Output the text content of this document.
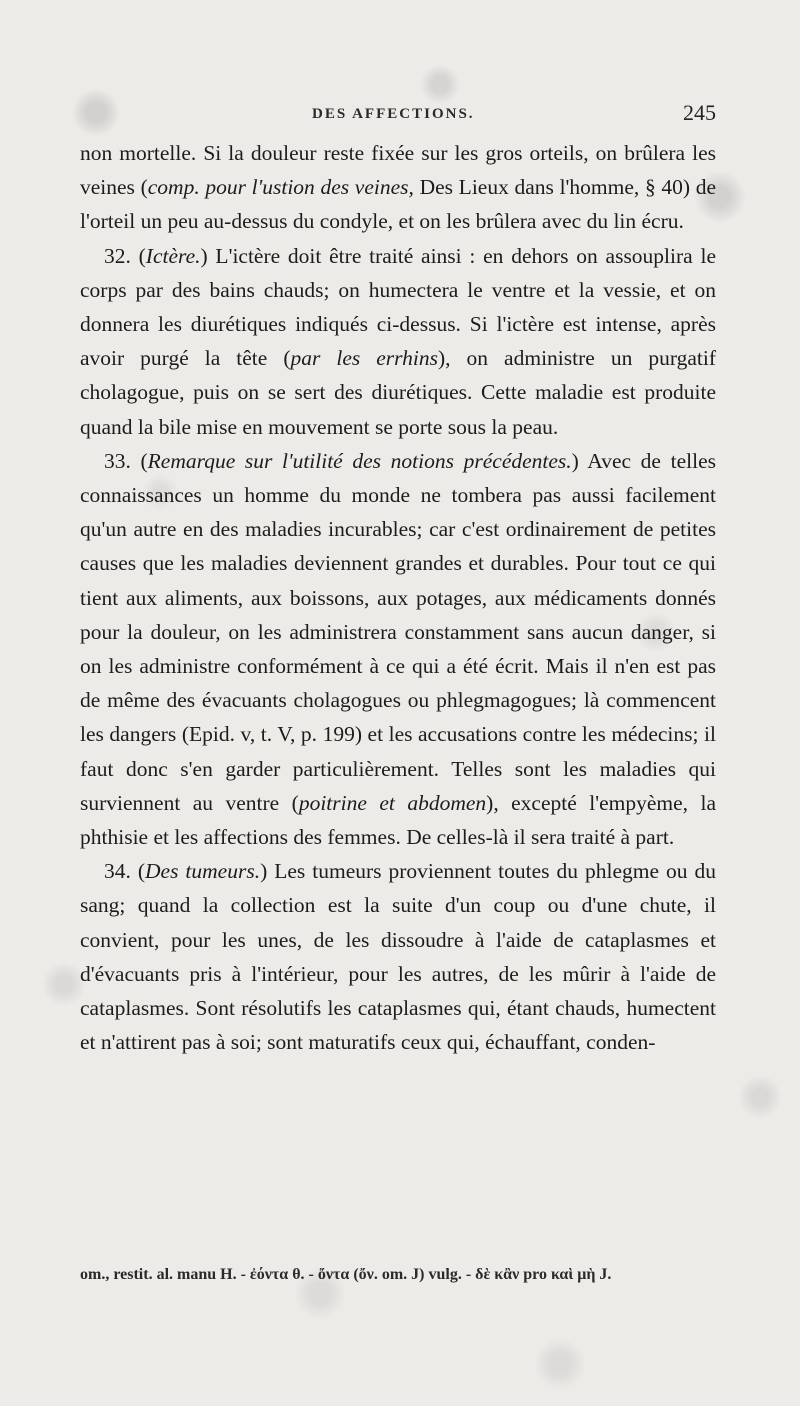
DES AFFECTIONS.	245

non mortelle. Si la douleur reste fixée sur les gros orteils, on brûlera les veines (comp. pour l'ustion des veines, Des Lieux dans l'homme, § 40) de l'orteil un peu au-dessus du condyle, et on les brûlera avec du lin écru.

32. (Ictère.) L'ictère doit être traité ainsi : en dehors on assouplira le corps par des bains chauds; on humectera le ventre et la vessie, et on donnera les diurétiques indiqués ci-dessus. Si l'ictère est intense, après avoir purgé la tête (par les errhins), on administre un purgatif cholagogue, puis on se sert des diurétiques. Cette maladie est produite quand la bile mise en mouvement se porte sous la peau.

33. (Remarque sur l'utilité des notions précédentes.) Avec de telles connaissances un homme du monde ne tombera pas aussi facilement qu'un autre en des maladies incurables; car c'est ordinairement de petites causes que les maladies deviennent grandes et durables. Pour tout ce qui tient aux aliments, aux boissons, aux potages, aux médicaments donnés pour la douleur, on les administrera constamment sans aucun danger, si on les administre conformément à ce qui a été écrit. Mais il n'en est pas de même des évacuants cholagogues ou phlegmagogues; là commencent les dangers (Epid. v, t. V, p. 199) et les accusations contre les médecins; il faut donc s'en garder particulièrement. Telles sont les maladies qui surviennent au ventre (poitrine et abdomen), excepté l'empyème, la phthisie et les affections des femmes. De celles-là il sera traité à part.

34. (Des tumeurs.) Les tumeurs proviennent toutes du phlegme ou du sang; quand la collection est la suite d'un coup ou d'une chute, il convient, pour les unes, de les dissoudre à l'aide de cataplasmes et d'évacuants pris à l'intérieur, pour les autres, de les mûrir à l'aide de cataplasmes. Sont résolutifs les cataplasmes qui, étant chauds, humectent et n'attirent pas à soi; sont maturatifs ceux qui, échauffant, conden-

om., restit. al. manu H. - ἐόντα θ. - ὄντα (ὄν. om. J) vulg. - δὲ κἂν pro καὶ μὴ J.
